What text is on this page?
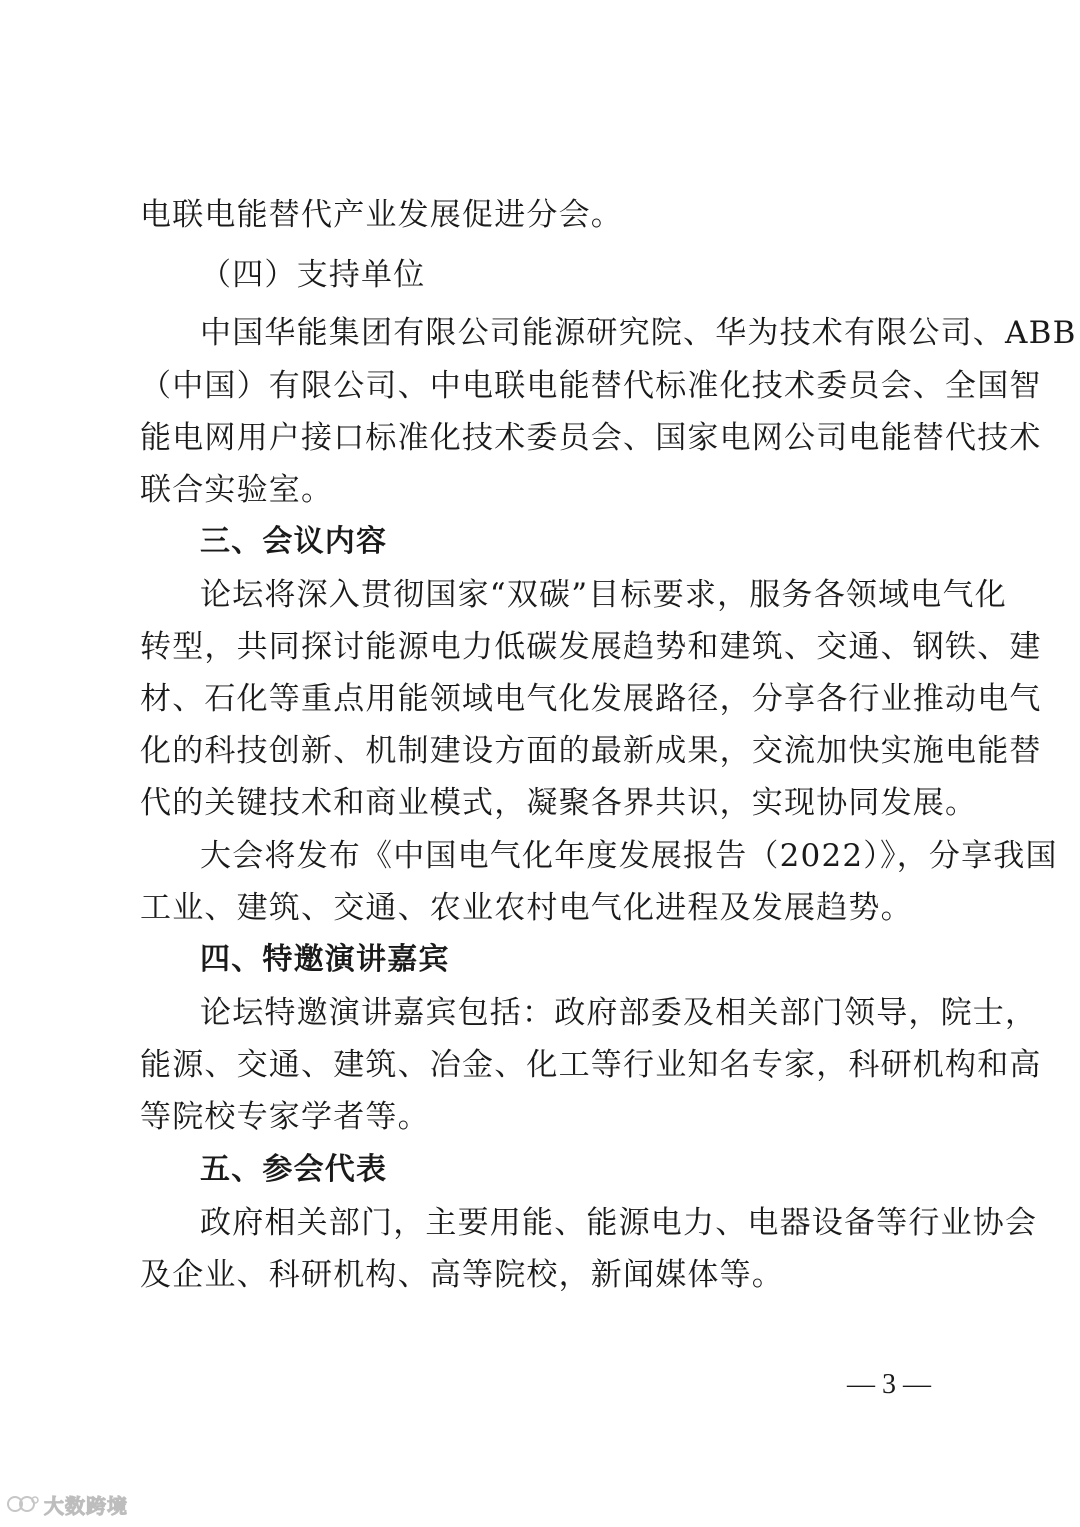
电联电能替代产业发展促进分会。
（四）支持单位
中国华能集团有限公司能源研究院、华为技术有限公司、ABB
（中国）有限公司、中电联电能替代标准化技术委员会、全国智
能电网用户接口标准化技术委员会、国家电网公司电能替代技术
联合实验室。
三、会议内容
论坛将深入贯彻国家“双碳”目标要求，服务各领域电气化
转型，共同探讨能源电力低碳发展趋势和建筑、交通、钢铁、建
材、石化等重点用能领域电气化发展路径，分享各行业推动电气
化的科技创新、机制建设方面的最新成果，交流加快实施电能替
代的关键技术和商业模式，凝聚各界共识，实现协同发展。
大会将发布《中国电气化年度发展报告（2022）》，分享我国
工业、建筑、交通、农业农村电气化进程及发展趋势。
四、特邀演讲嘉宾
论坛特邀演讲嘉宾包括：政府部委及相关部门领导，院士，
能源、交通、建筑、冶金、化工等行业知名专家，科研机构和高
等院校专家学者等。
五、参会代表
政府相关部门，主要用能、能源电力、电器设备等行业协会
及企业、科研机构、高等院校，新闻媒体等。
— 3 —
大数跨境
